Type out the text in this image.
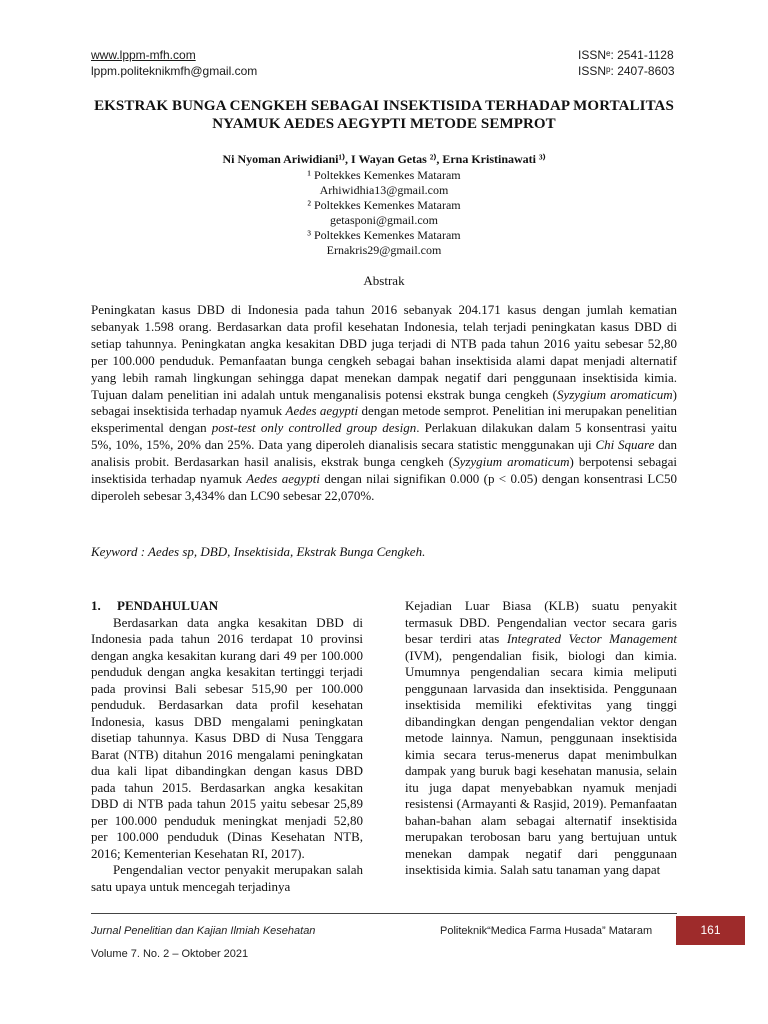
www.lppm-mfh.com
lppm.politeknikmfh@gmail.com
ISSNᵉ: 2541-1128
ISSNᵖ: 2407-8603
EKSTRAK BUNGA CENGKEH SEBAGAI INSEKTISIDA TERHADAP MORTALITAS
NYAMUK AEDES AEGYPTI METODE SEMPROT
Ni Nyoman Ariwidiani¹⁾, I Wayan Getas ²⁾, Erna Kristinawati ³⁾
¹ Poltekkes Kemenkes Mataram
Arhiwidhia13@gmail.com
² Poltekkes Kemenkes Mataram
getasponi@gmail.com
³ Poltekkes Kemenkes Mataram
Ernakris29@gmail.com
Abstrak
Peningkatan kasus DBD di Indonesia pada tahun 2016 sebanyak 204.171 kasus dengan jumlah kematian sebanyak 1.598 orang. Berdasarkan data profil kesehatan Indonesia, telah terjadi peningkatan kasus DBD di setiap tahunnya. Peningkatan angka kesakitan DBD juga terjadi di NTB pada tahun 2016 yaitu sebesar 52,80 per 100.000 penduduk. Pemanfaatan bunga cengkeh sebagai bahan insektisida alami dapat menjadi alternatif yang lebih ramah lingkungan sehingga dapat menekan dampak negatif dari penggunaan insektisida kimia. Tujuan dalam penelitian ini adalah untuk menganalisis potensi ekstrak bunga cengkeh (Syzygium aromaticum) sebagai insektisida terhadap nyamuk Aedes aegypti dengan metode semprot. Penelitian ini merupakan penelitian eksperimental dengan post-test only controlled group design. Perlakuan dilakukan dalam 5 konsentrasi yaitu 5%, 10%, 15%, 20% dan 25%. Data yang diperoleh dianalisis secara statistic menggunakan uji Chi Square dan analisis probit. Berdasarkan hasil analisis, ekstrak bunga cengkeh (Syzygium aromaticum) berpotensi sebagai insektisida terhadap nyamuk Aedes aegypti dengan nilai signifikan 0.000 (p < 0.05) dengan konsentrasi LC50 diperoleh sebesar 3,434% dan LC90 sebesar 22,070%.
Keyword : Aedes sp, DBD, Insektisida, Ekstrak Bunga Cengkeh.
1. PENDAHULUAN

Berdasarkan data angka kesakitan DBD di Indonesia pada tahun 2016 terdapat 10 provinsi dengan angka kesakitan kurang dari 49 per 100.000 penduduk dengan angka kesakitan tertinggi terjadi pada provinsi Bali sebesar 515,90 per 100.000 penduduk. Berdasarkan data profil kesehatan Indonesia, kasus DBD mengalami peningkatan disetiap tahunnya. Kasus DBD di Nusa Tenggara Barat (NTB) ditahun 2016 mengalami peningkatan dua kali lipat dibandingkan dengan kasus DBD pada tahun 2015. Berdasarkan angka kesakitan DBD di NTB pada tahun 2015 yaitu sebesar 25,89 per 100.000 penduduk meningkat menjadi 52,80 per 100.000 penduduk (Dinas Kesehatan NTB, 2016; Kementerian Kesehatan RI, 2017).

Pengendalian vector penyakit merupakan salah satu upaya untuk mencegah terjadinya

Kejadian Luar Biasa (KLB) suatu penyakit termasuk DBD. Pengendalian vector secara garis besar terdiri atas Integrated Vector Management (IVM), pengendalian fisik, biologi dan kimia. Umumnya pengendalian secara kimia meliputi penggunaan larvasida dan insektisida. Penggunaan insektisida memiliki efektivitas yang tinggi dibandingkan dengan pengendalian vektor dengan metode lainnya. Namun, penggunaan insektisida kimia secara terus-menerus dapat menimbulkan dampak yang buruk bagi kesehatan manusia, selain itu juga dapat menyebabkan nyamuk menjadi resistensi (Armayanti & Rasjid, 2019). Pemanfaatan bahan-bahan alam sebagai alternatif insektisida merupakan terobosan baru yang bertujuan untuk menekan dampak negatif dari penggunaan insektisida kimia. Salah satu tanaman yang dapat

Jurnal Penelitian dan Kajian Ilmiah Kesehatan	Politeknik“Medica Farma Husada” Mataram	161
Volume 7. No. 2 – Oktober 2021
